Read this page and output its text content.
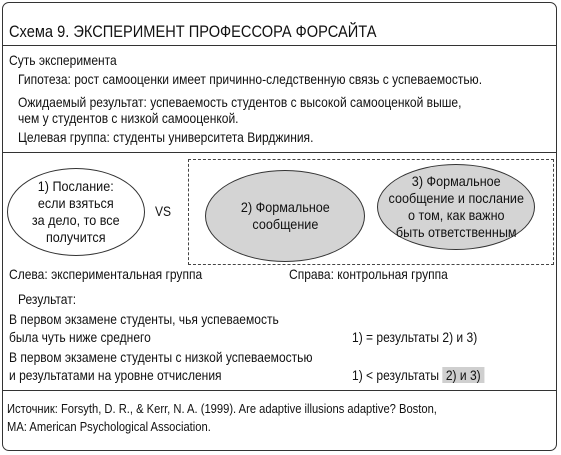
Схема 9. ЭКСПЕРИМЕНТ ПРОФЕССОРА ФОРСАЙТА
Суть эксперимента
Гипотеза: рост самооценки имеет причинно-следственную связь с успеваемостью.
Ожидаемый результат: успеваемость студентов с высокой самооценкой выше,
чем у студентов с низкой самооценкой.
Целевая группа: студенты университета Вирджиния.
1) Послание:
если взяться
за дело, то все
получится
VS	2) Формальное
сообщение
3) Формальное
сообщение и послание
о том, как важно
быть ответственным
Слева: экспериментальная группа	Справа: контрольная группа
Результат:
В первом экзамене студенты, чья успеваемость
была чуть ниже среднего	1) = результаты 2) и 3)
В первом экзамене студенты с низкой успеваемостью
и результатами на уровне отчисления	1) < результаты 2) и 3)
Источник: Forsyth, D. R., & Kerr, N. A. (1999). Are adaptive illusions adaptive? Boston,
MA: American Psychological Association.
